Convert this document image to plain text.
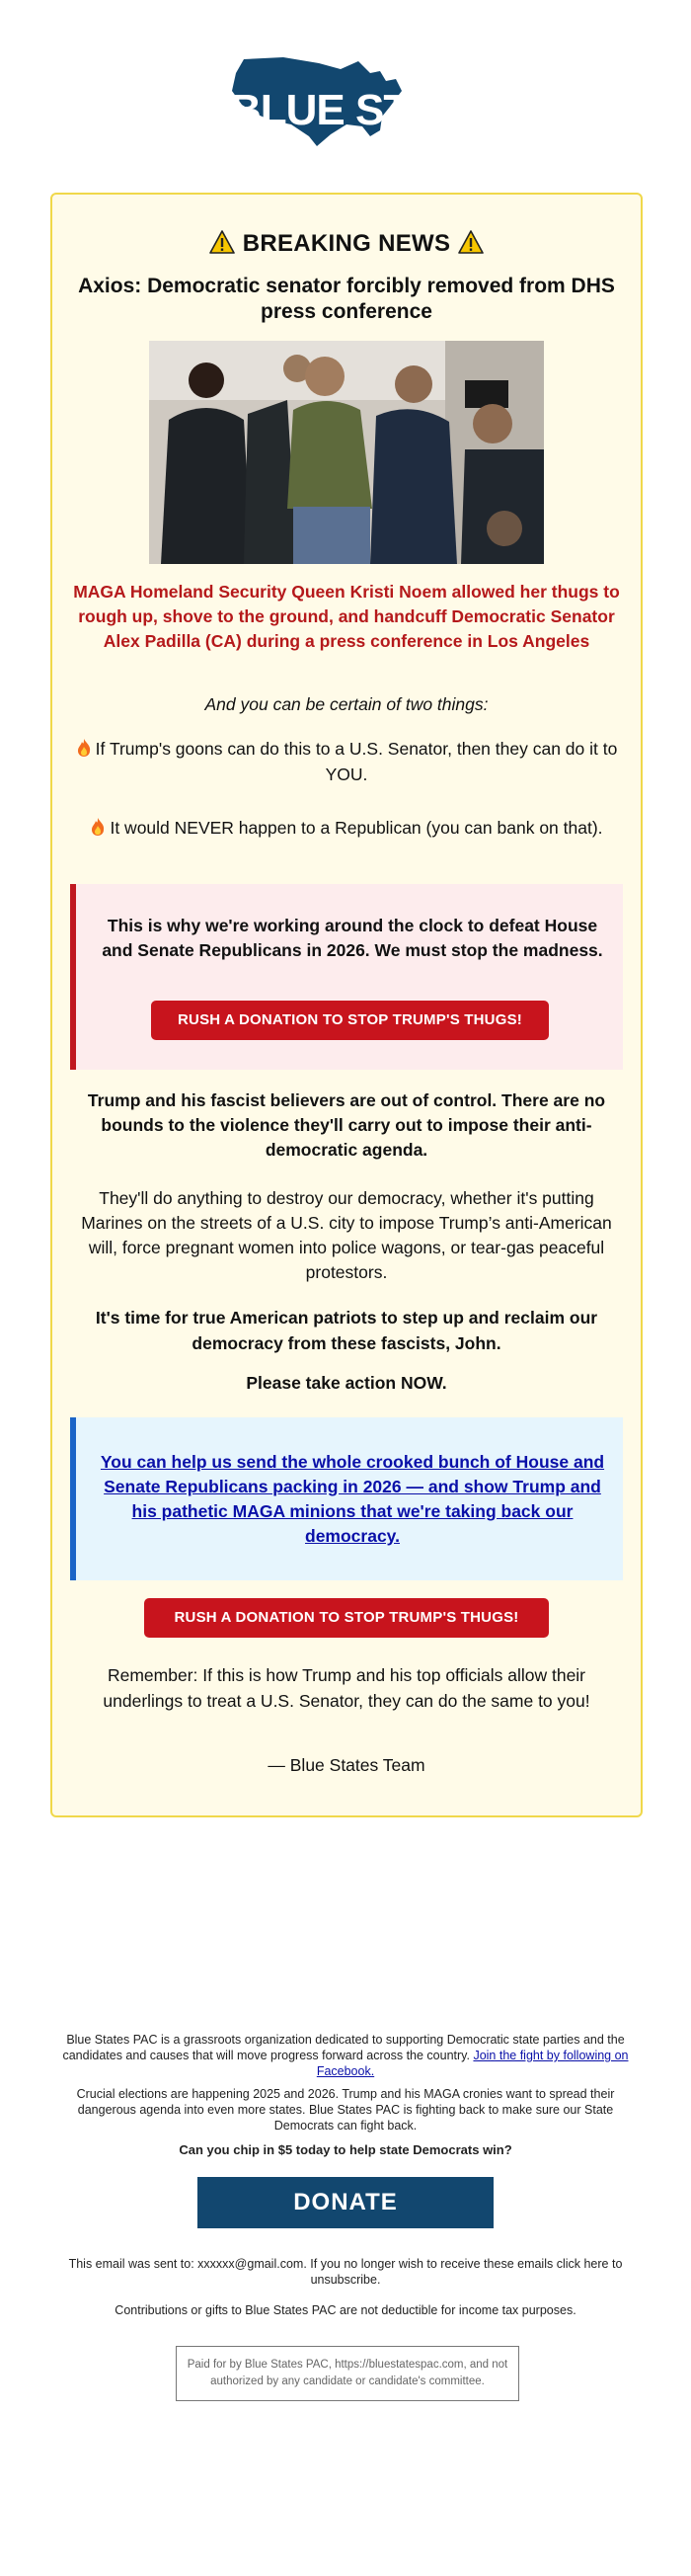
BLUE STATES
BREAKING NEWS
Axios: Democratic senator forcibly removed from DHS press conference
MAGA Homeland Security Queen Kristi Noem allowed her thugs to rough up, shove to the ground, and handcuff Democratic Senator Alex Padilla (CA) during a press conference in Los Angeles
And you can be certain of two things:
If Trump's goons can do this to a U.S. Senator, then they can do it to YOU.
It would NEVER happen to a Republican (you can bank on that).
This is why we're working around the clock to defeat House and Senate Republicans in 2026. We must stop the madness.
RUSH A DONATION TO STOP TRUMP'S THUGS!
Trump and his fascist believers are out of control. There are no bounds to the violence they'll carry out to impose their anti-democratic agenda.
They'll do anything to destroy our democracy, whether it's putting Marines on the streets of a U.S. city to impose Trump’s anti-American will, force pregnant women into police wagons, or tear-gas peaceful protestors.
It's time for true American patriots to step up and reclaim our democracy from these fascists, John.
Please take action NOW.
You can help us send the whole crooked bunch of House and Senate Republicans packing in 2026 — and show Trump and his pathetic MAGA minions that we're taking back our democracy.
RUSH A DONATION TO STOP TRUMP'S THUGS!
Remember: If this is how Trump and his top officials allow their underlings to treat a U.S. Senator, they can do the same to you!
— Blue States Team
Blue States PAC is a grassroots organization dedicated to supporting Democratic state parties and the candidates and causes that will move progress forward across the country. Join the fight by following on Facebook.
Crucial elections are happening 2025 and 2026. Trump and his MAGA cronies want to spread their dangerous agenda into even more states. Blue States PAC is fighting back to make sure our State Democrats can fight back.
Can you chip in $5 today to help state Democrats win?
DONATE
This email was sent to: xxxxxx@gmail.com. If you no longer wish to receive these emails click here to unsubscribe.
Contributions or gifts to Blue States PAC are not deductible for income tax purposes.
Paid for by Blue States PAC, https://bluestatespac.com, and not authorized by any candidate or candidate's committee.
